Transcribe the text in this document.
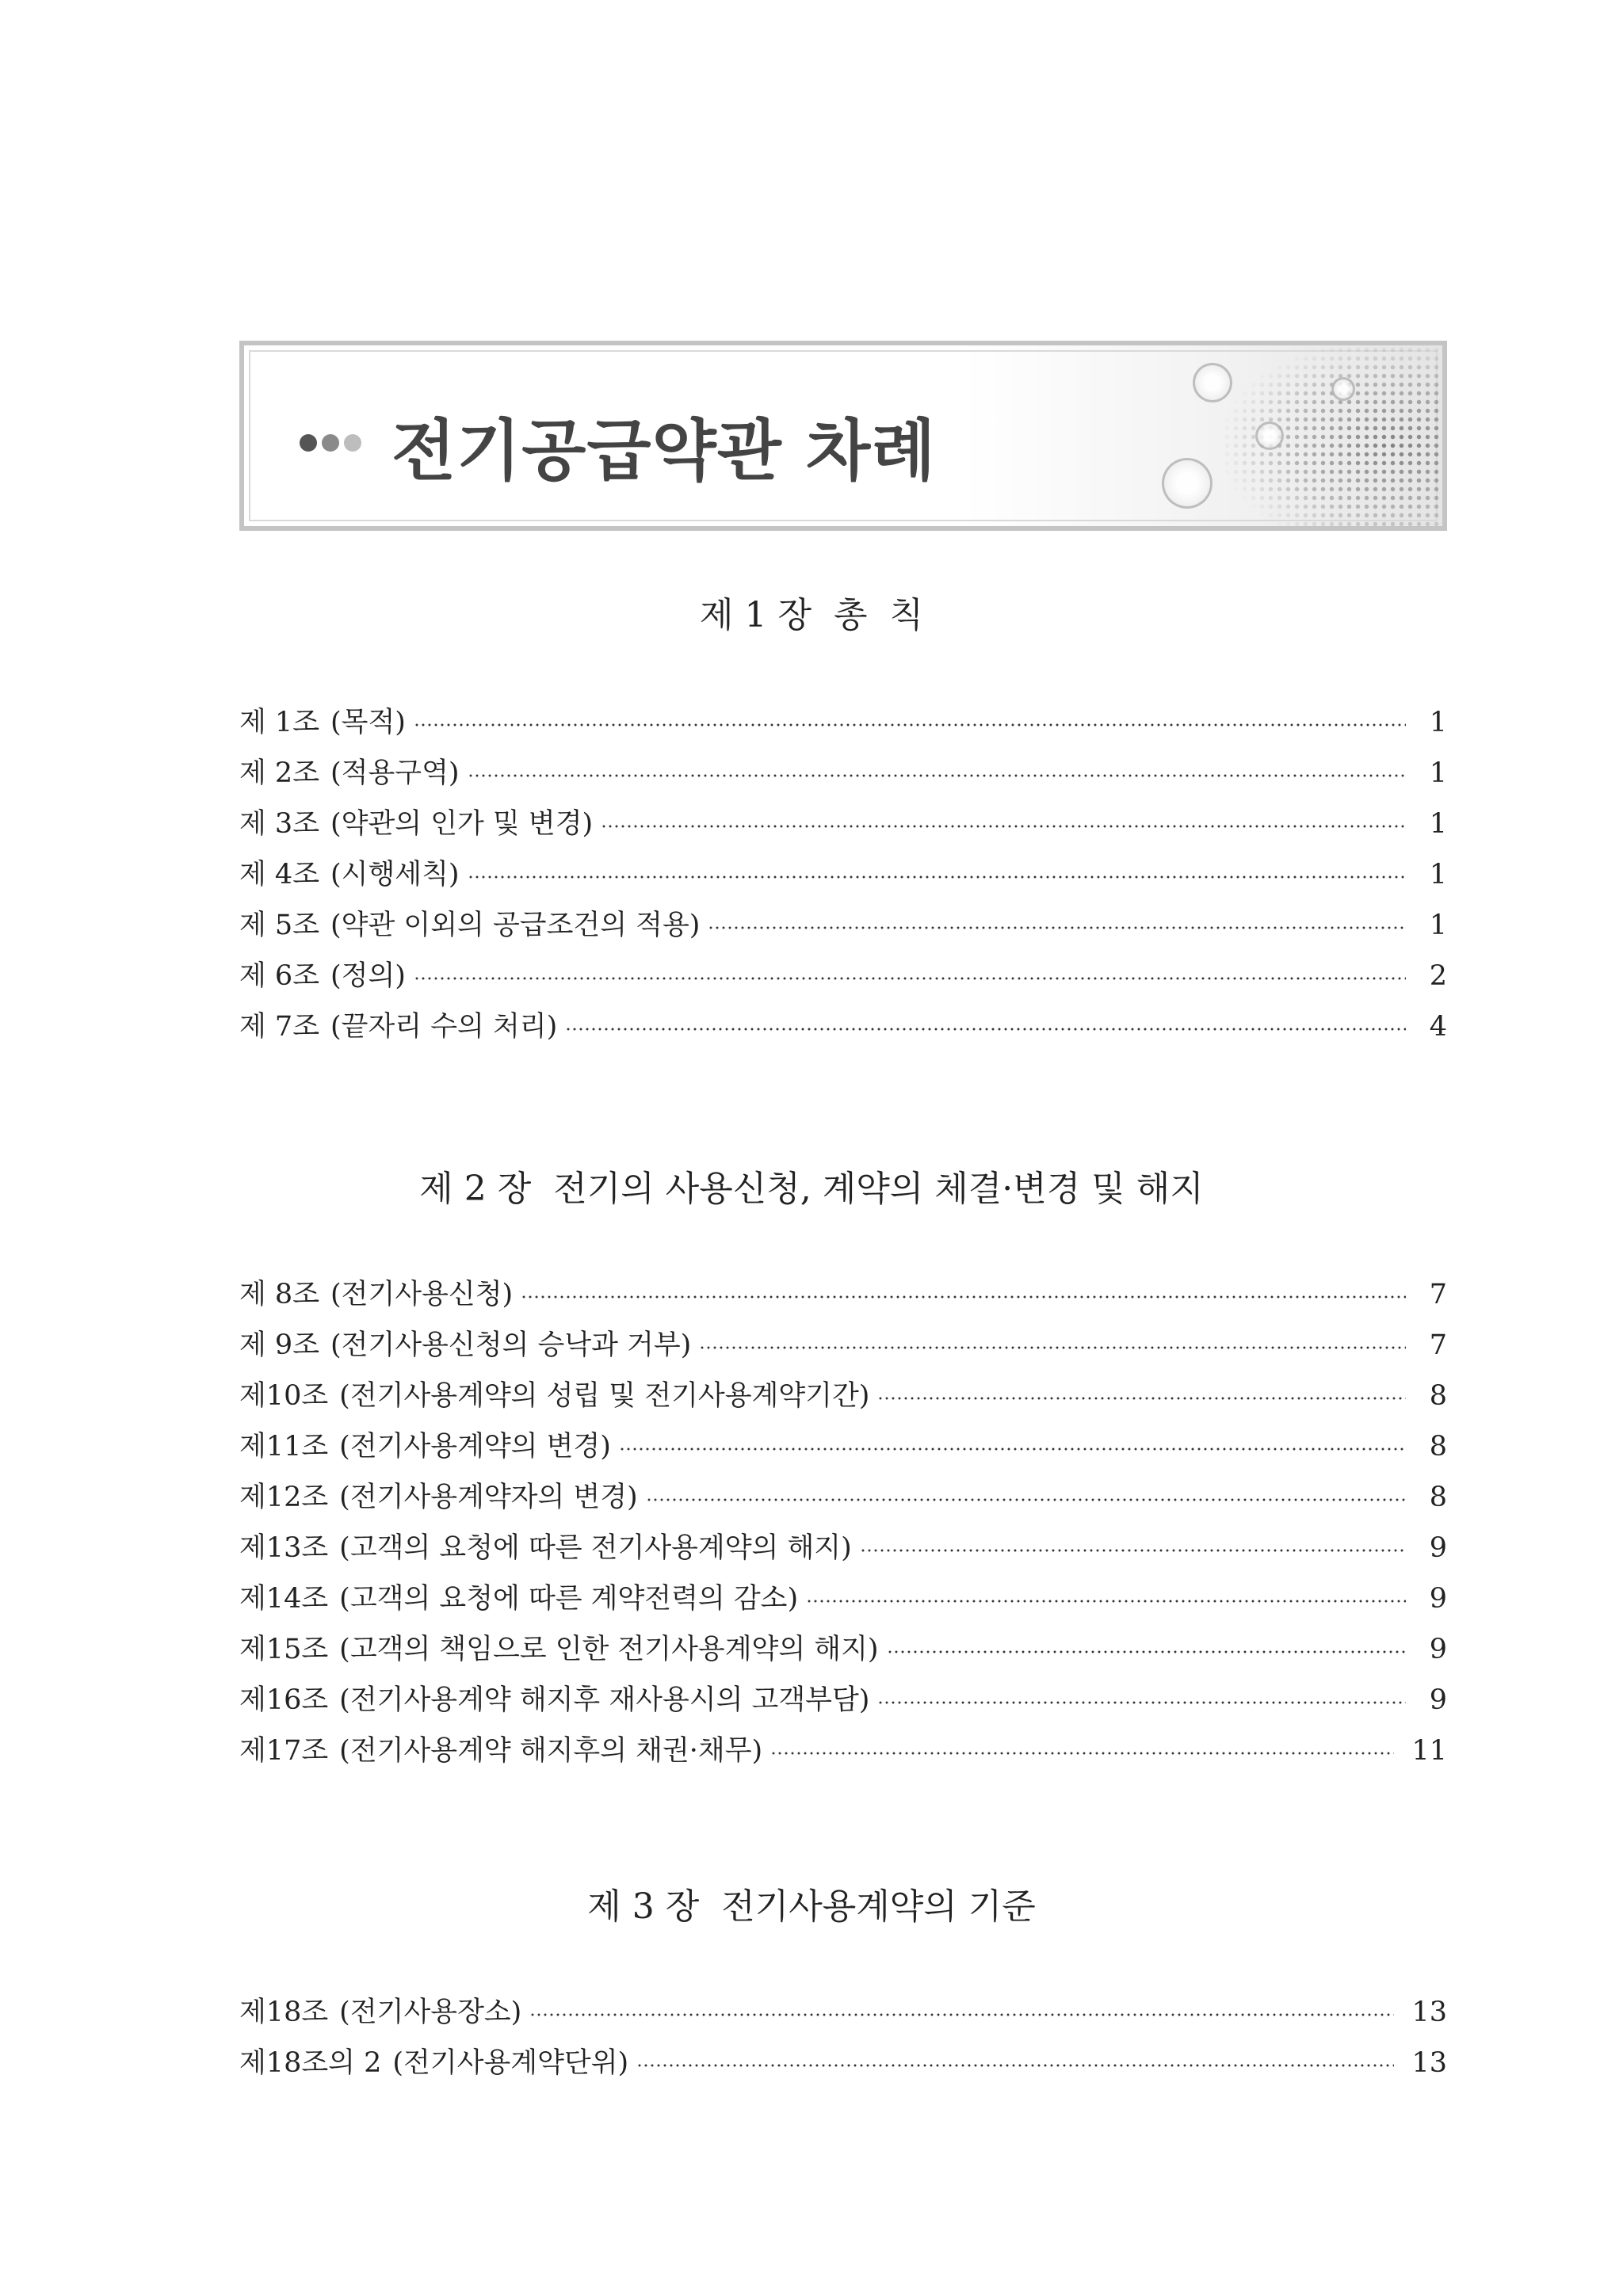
전기공급약관 차례
제 1 장  총  칙
제 1조 (목적)	1
제 2조 (적용구역)	1
제 3조 (약관의 인가 및 변경)	1
제 4조 (시행세칙)	1
제 5조 (약관 이외의 공급조건의 적용)	1
제 6조 (정의)	2
제 7조 (끝자리 수의 처리)	4
제 2 장  전기의 사용신청, 계약의 체결·변경 및 해지
제 8조 (전기사용신청)	7
제 9조 (전기사용신청의 승낙과 거부)	7
제10조 (전기사용계약의 성립 및 전기사용계약기간)	8
제11조 (전기사용계약의 변경)	8
제12조 (전기사용계약자의 변경)	8
제13조 (고객의 요청에 따른 전기사용계약의 해지)	9
제14조 (고객의 요청에 따른 계약전력의 감소)	9
제15조 (고객의 책임으로 인한 전기사용계약의 해지)	9
제16조 (전기사용계약 해지후 재사용시의 고객부담)	9
제17조 (전기사용계약 해지후의 채권·채무)	11
제 3 장  전기사용계약의 기준
제18조 (전기사용장소)	13
제18조의 2 (전기사용계약단위)	13
